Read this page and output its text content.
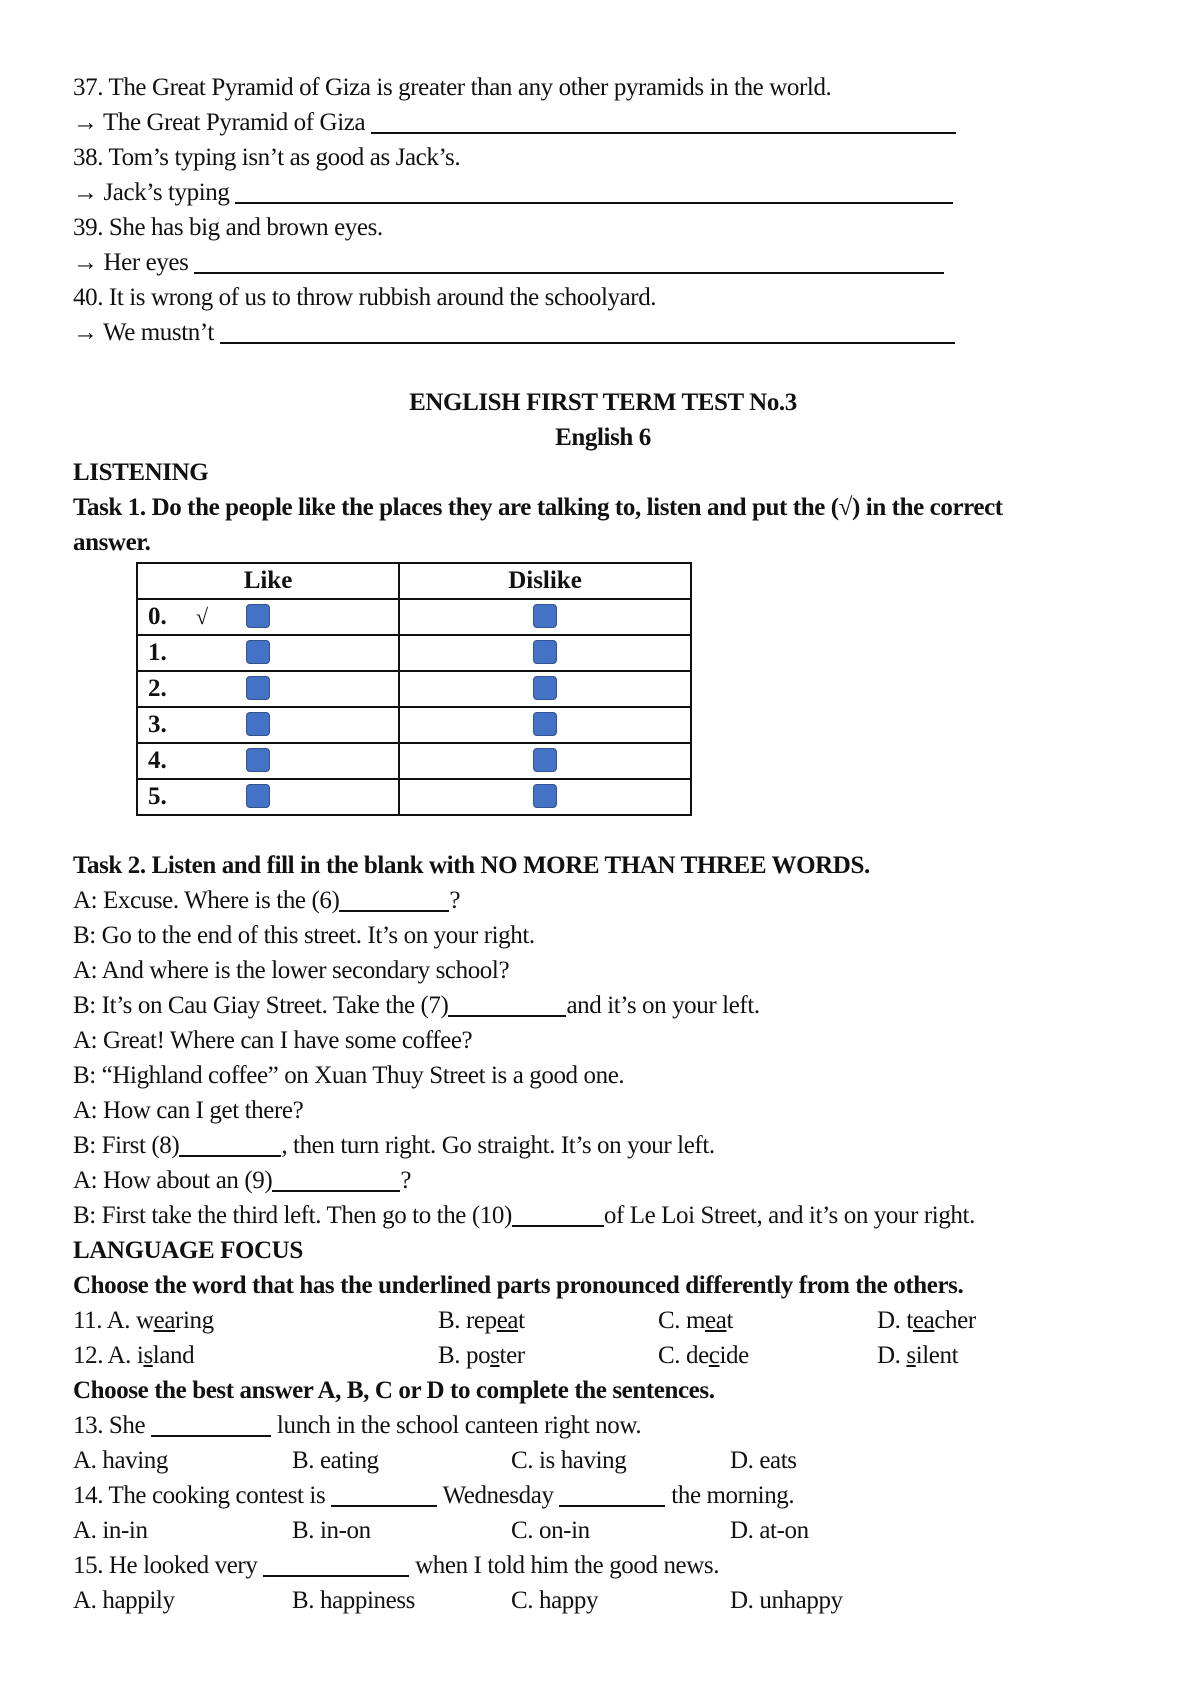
37. The Great Pyramid of Giza is greater than any other pyramids in the world.
→ The Great Pyramid of Giza
38. Tom’s typing isn’t as good as Jack’s.
→ Jack’s typing
39. She has big and brown eyes.
→ Her eyes
40. It is wrong of us to throw rubbish around the schoolyard.
→ We mustn’t
ENGLISH FIRST TERM TEST No.3
English 6
LISTENING
Task 1. Do the people like the places they are talking to, listen and put the (√) in the correct
answer.
Like	Dislike
0. √	
1.	
2.	
3.	
4.	
5.	
Task 2. Listen and fill in the blank with NO MORE THAN THREE WORDS.
A: Excuse. Where is the (6)	?
B: Go to the end of this street. It’s on your right.
A: And where is the lower secondary school?
B: It’s on Cau Giay Street. Take the (7)	and it’s on your left.
A: Great! Where can I have some coffee?
B: “Highland coffee” on Xuan Thuy Street is a good one.
A: How can I get there?
B: First (8)	, then turn right. Go straight. It’s on your left.
A: How about an (9)	?
B: First take the third left. Then go to the (10)	of Le Loi Street, and it’s on your right.
LANGUAGE FOCUS
Choose the word that has the underlined parts pronounced differently from the others.
11. A. wearing	B. repeat	C. meat	D. teacher
12. A. island	B. poster	C. decide	D. silent
Choose the best answer A, B, C or D to complete the sentences.
13. She	lunch in the school canteen right now.
A. having	B. eating	C. is having	D. eats
14. The cooking contest is	Wednesday	the morning.
A. in-in	B. in-on	C. on-in	D. at-on
15. He looked very	when I told him the good news.
A. happily	B. happiness	C. happy	D. unhappy
